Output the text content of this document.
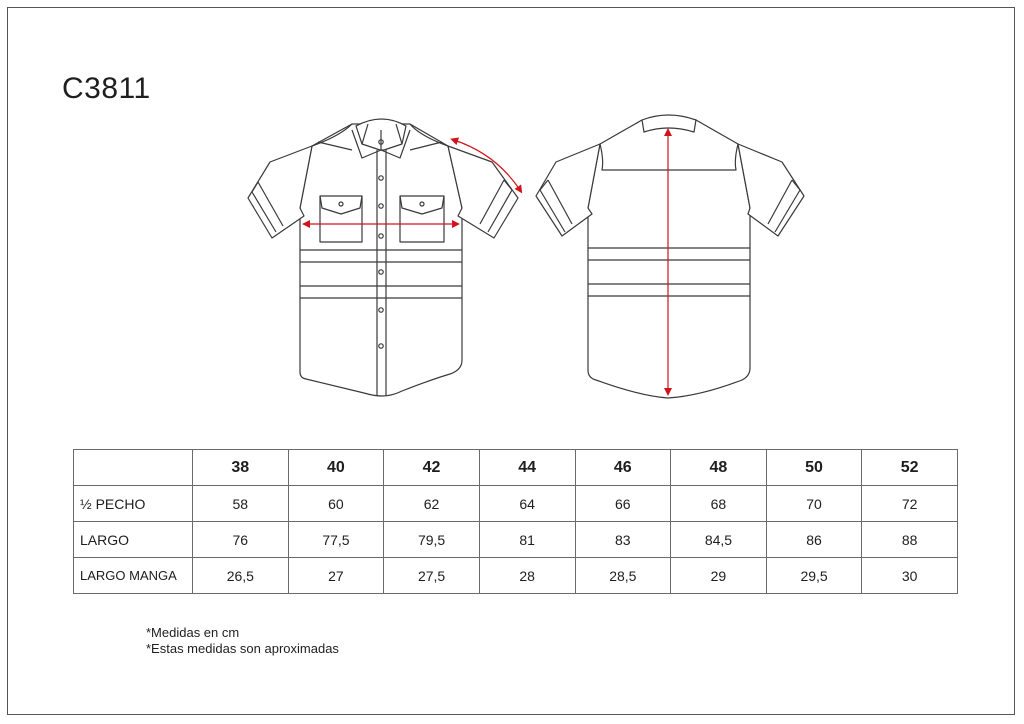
C3811
	38	40	42	44	46	48	50	52
½ PECHO	58	60	62	64	66	68	70	72
LARGO	76	77,5	79,5	81	83	84,5	86	88
LARGO MANGA	26,5	27	27,5	28	28,5	29	29,5	30
*Medidas en cm
*Estas medidas son aproximadas
